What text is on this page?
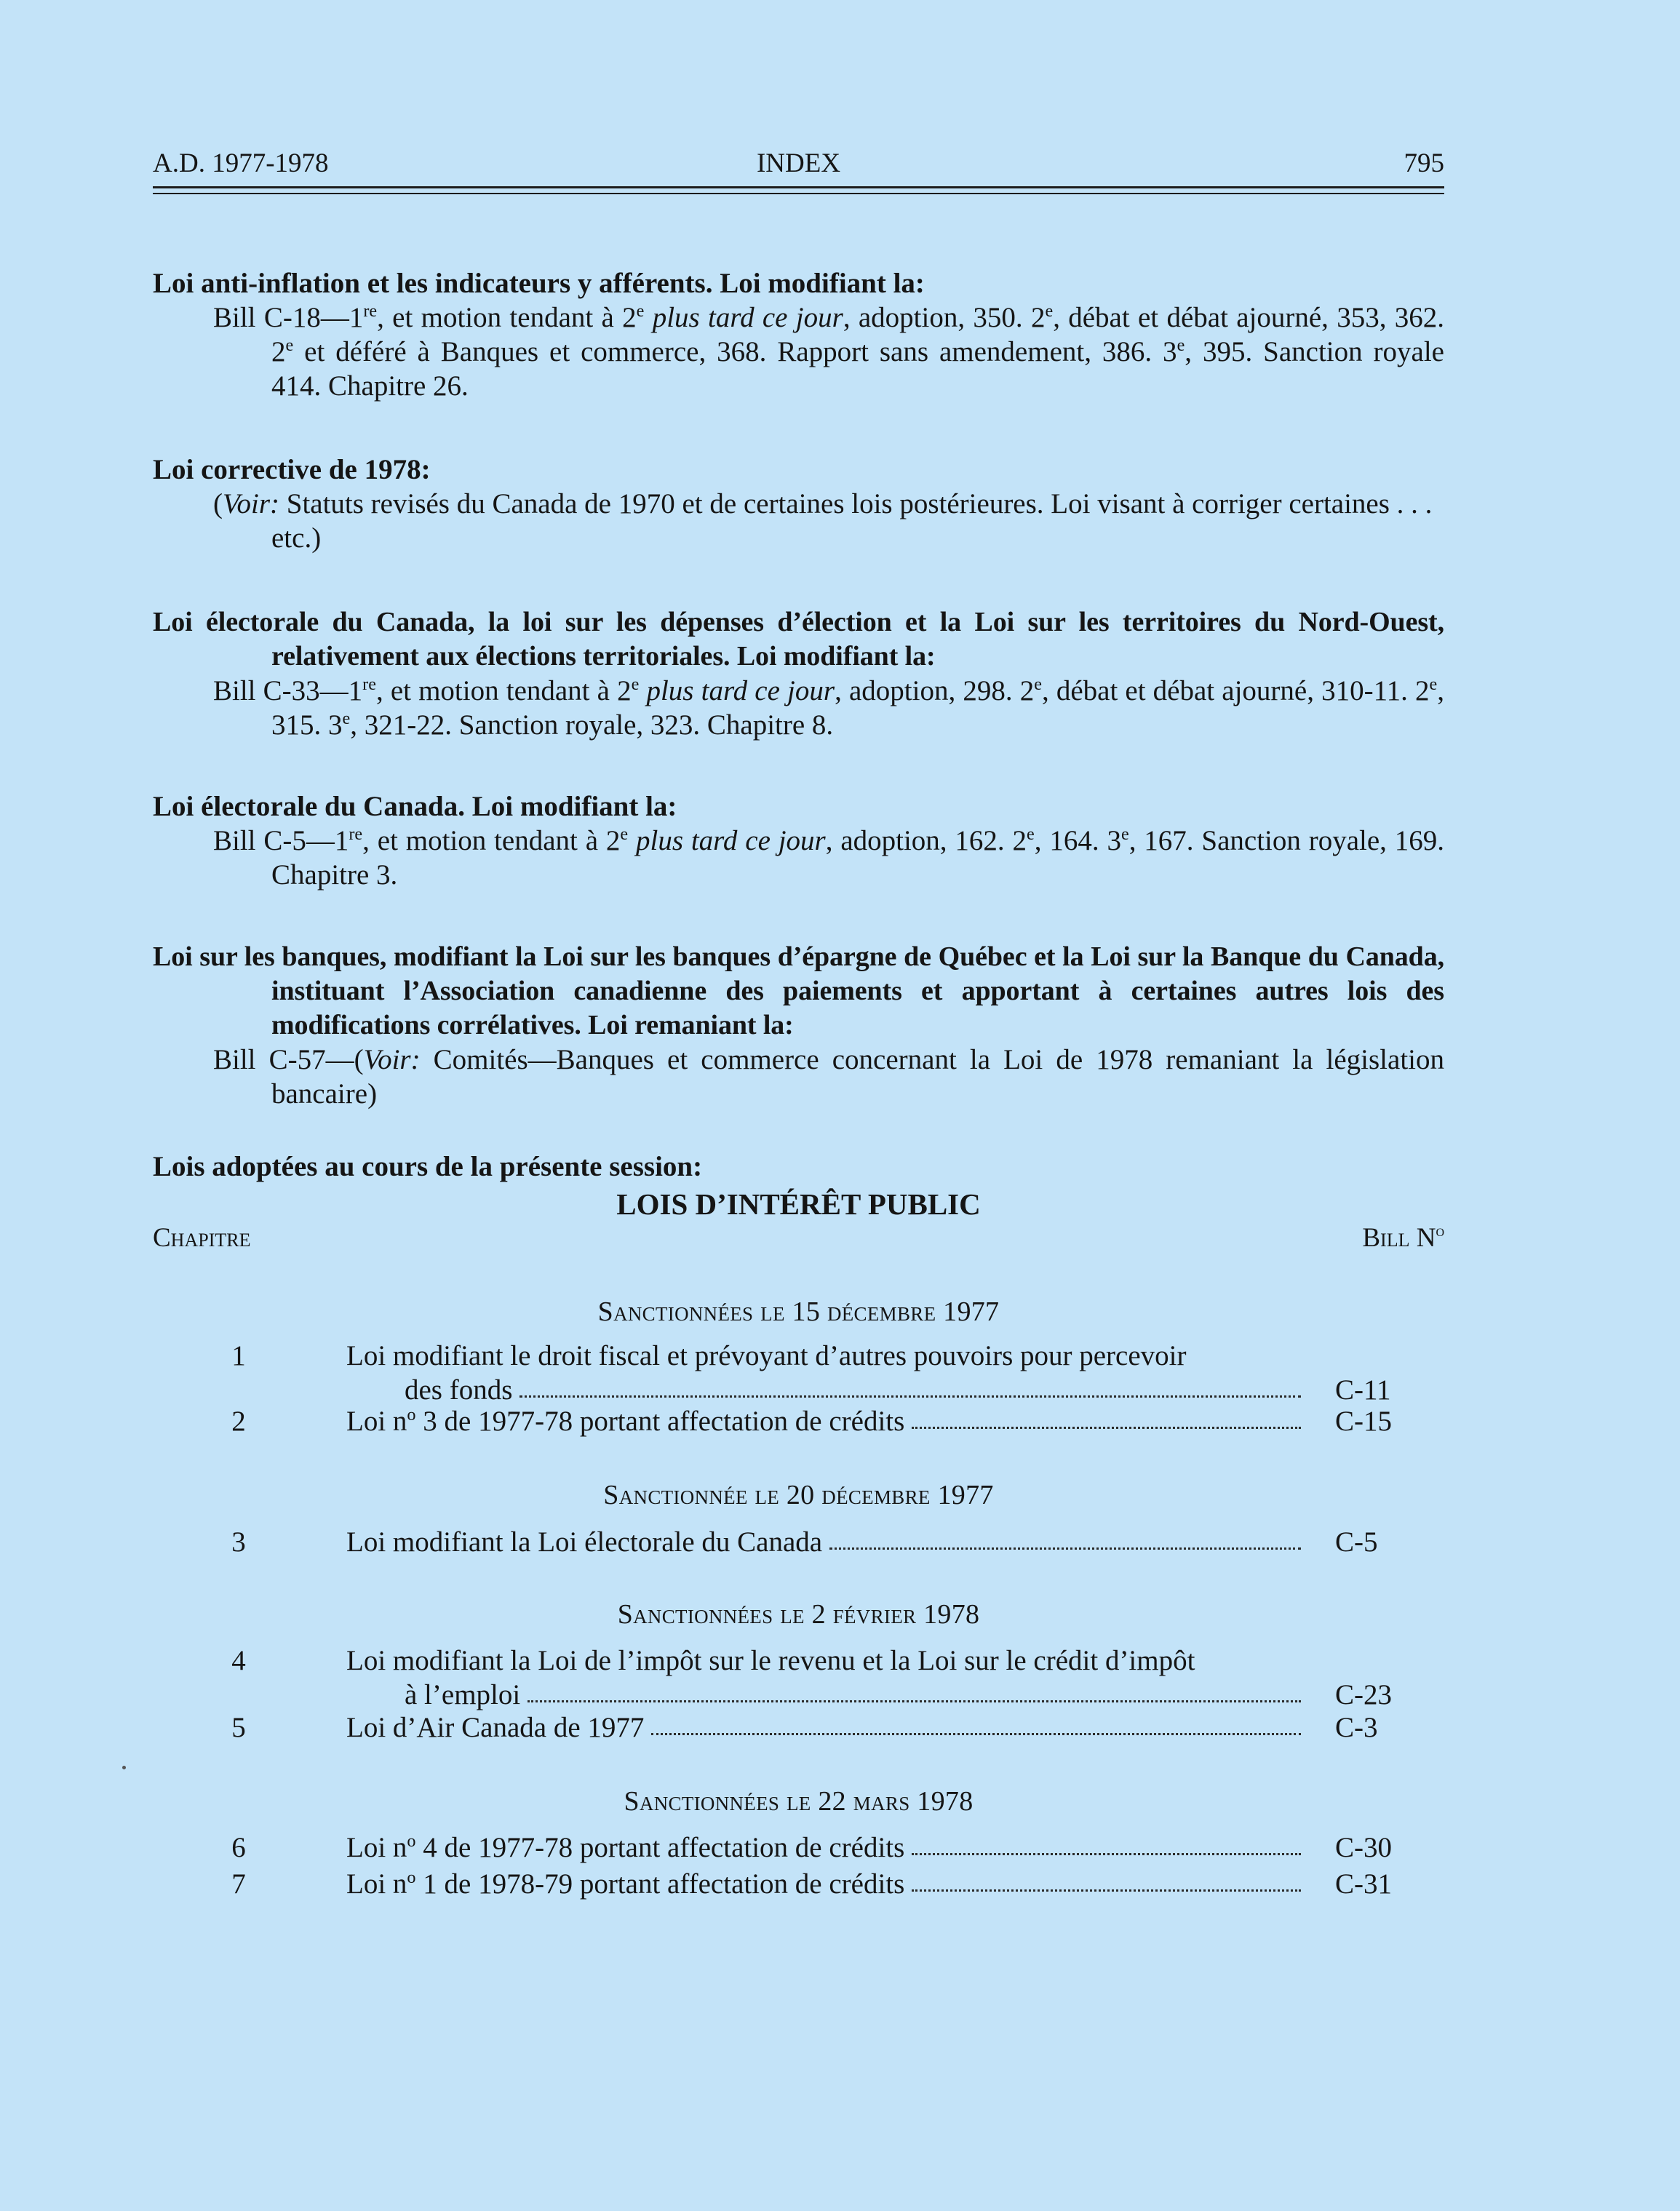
A.D. 1977-1978	INDEX	795
Loi anti-inflation et les indicateurs y afférents. Loi modifiant la:
Bill C-18—1re, et motion tendant à 2e plus tard ce jour, adoption, 350. 2e, débat et débat ajourné, 353, 362. 2e et déféré à Banques et commerce, 368. Rapport sans amendement, 386. 3e, 395. Sanction royale 414. Chapitre 26.
Loi corrective de 1978:
(Voir: Statuts revisés du Canada de 1970 et de certaines lois postérieures. Loi visant à corriger certaines . . . etc.)
Loi électorale du Canada, la loi sur les dépenses d’élection et la Loi sur les territoires du Nord-Ouest, relativement aux élections territoriales. Loi modifiant la:
Bill C-33—1re, et motion tendant à 2e plus tard ce jour, adoption, 298. 2e, débat et débat ajourné, 310-11. 2e, 315. 3e, 321-22. Sanction royale, 323. Chapitre 8.
Loi électorale du Canada. Loi modifiant la:
Bill C-5—1re, et motion tendant à 2e plus tard ce jour, adoption, 162. 2e, 164. 3e, 167. Sanction royale, 169. Chapitre 3.
Loi sur les banques, modifiant la Loi sur les banques d’épargne de Québec et la Loi sur la Banque du Canada, instituant l’Association canadienne des paiements et apportant à certaines autres lois des modifications corrélatives. Loi remaniant la:
Bill C-57—(Voir: Comités—Banques et commerce concernant la Loi de 1978 remaniant la législation bancaire)
Lois adoptées au cours de la présente session:
LOIS D’INTÉRÊT PUBLIC
Chapitre	Bill $N^o$
Sanctionnées le 15 décembre 1977
1	Loi modifiant le droit fiscal et prévoyant d’autres pouvoirs pour percevoir
des fonds	C-11
2	Loi $n^o$ 3 de 1977-78 portant affectation de crédits	C-15
Sanctionnée le 20 décembre 1977
3	Loi modifiant la Loi électorale du Canada	C-5
Sanctionnées le 2 février 1978
4	Loi modifiant la Loi de l’impôt sur le revenu et la Loi sur le crédit d’impôt
à l’emploi	C-23
5	Loi d’Air Canada de 1977	C-3
Sanctionnées le 22 mars 1978
6	Loi $n^o$ 4 de 1977-78 portant affectation de crédits	C-30
7	Loi $n^o$ 1 de 1978-79 portant affectation de crédits	C-31
